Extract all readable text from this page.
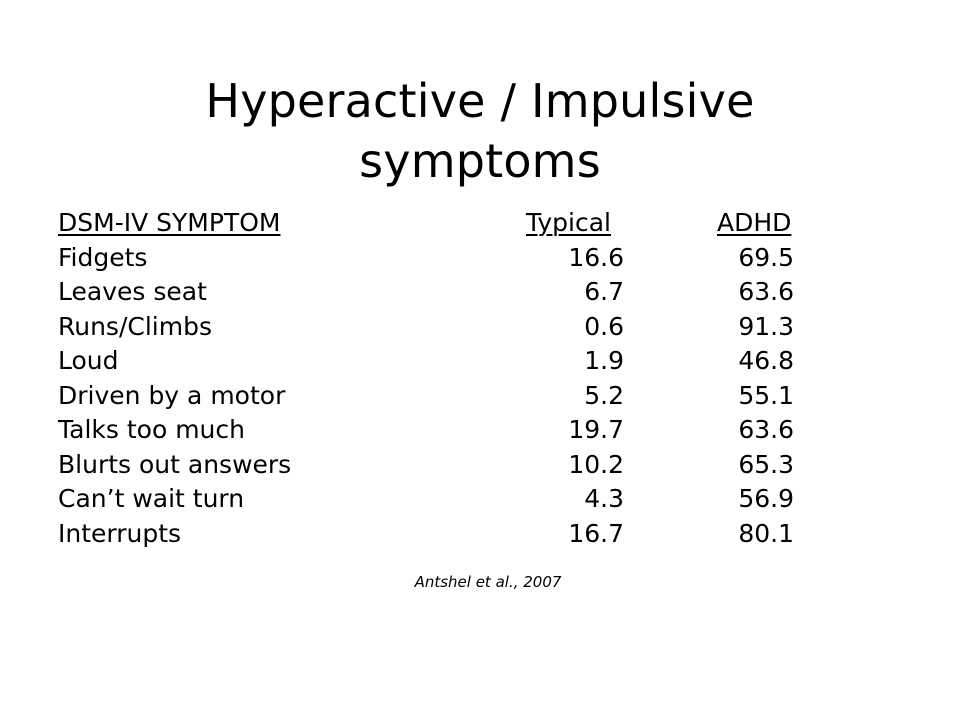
Hyperactive / Impulsive
symptoms
DSM-IV SYMPTOM	Typical	ADHD
Fidgets	16.6	69.5
Leaves seat	6.7	63.6
Runs/Climbs	0.6	91.3
Loud	1.9	46.8
Driven by a motor	5.2	55.1
Talks too much	19.7	63.6
Blurts out answers	10.2	65.3
Can’t wait turn	4.3	56.9
Interrupts	16.7	80.1
Antshel et al., 2007
